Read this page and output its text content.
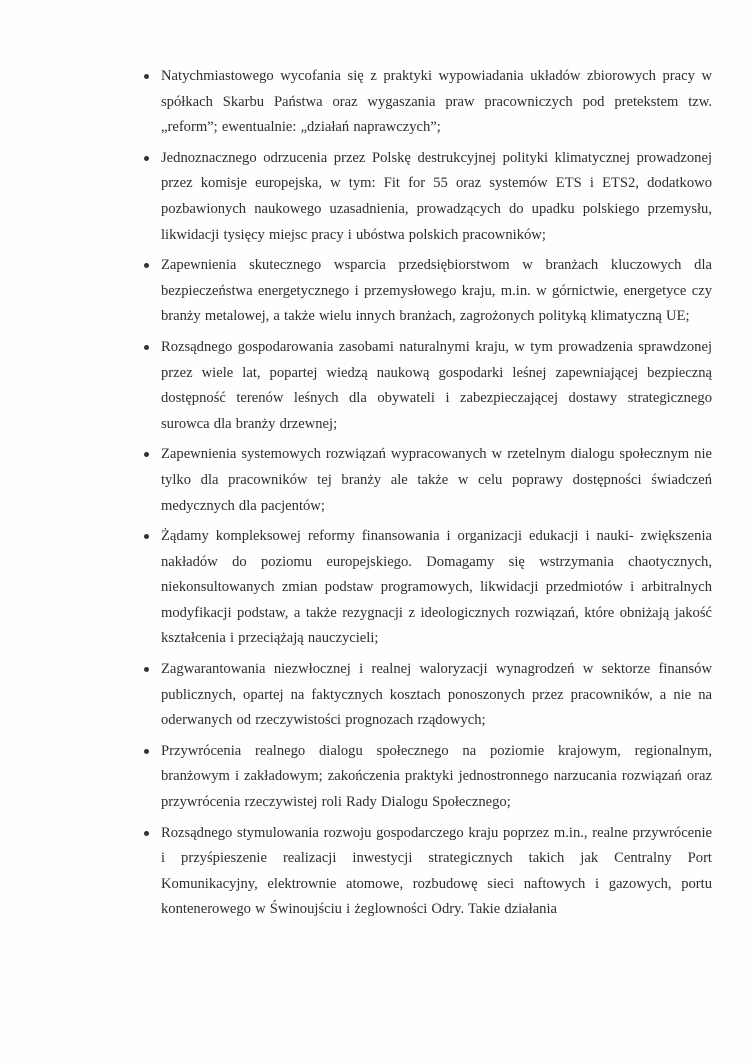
Natychmiastowego wycofania się z praktyki wypowiadania układów zbiorowych pracy w spółkach Skarbu Państwa oraz wygaszania praw pracowniczych pod pretekstem tzw. „reform”; ewentualnie: „działań naprawczych”;
Jednoznacznego odrzucenia przez Polskę destrukcyjnej polityki klimatycznej prowadzonej przez komisje europejska, w tym: Fit for 55 oraz systemów ETS i ETS2, dodatkowo pozbawionych naukowego uzasadnienia, prowadzących do upadku polskiego przemysłu, likwidacji tysięcy miejsc pracy i ubóstwa polskich pracowników;
Zapewnienia skutecznego wsparcia przedsiębiorstwom w branżach kluczowych dla bezpieczeństwa energetycznego i przemysłowego kraju, m.in. w górnictwie, energetyce czy branży metalowej, a także wielu innych branżach, zagrożonych polityką klimatyczną UE;
Rozsądnego gospodarowania zasobami naturalnymi kraju, w tym prowadzenia sprawdzonej przez wiele lat, popartej wiedzą naukową gospodarki leśnej zapewniającej bezpieczną dostępność terenów leśnych dla obywateli i zabezpieczającej dostawy strategicznego surowca dla branży drzewnej;
Zapewnienia systemowych rozwiązań wypracowanych w rzetelnym dialogu społecznym nie tylko dla pracowników tej branży ale także w celu poprawy dostępności świadczeń medycznych dla pacjentów;
Żądamy kompleksowej reformy finansowania i organizacji edukacji i nauki- zwiększenia nakładów do poziomu europejskiego. Domagamy się wstrzymania chaotycznych, niekonsultowanych zmian podstaw programowych, likwidacji przedmiotów i arbitralnych modyfikacji podstaw, a także rezygnacji z ideologicznych rozwiązań, które obniżają jakość kształcenia i przeciążają nauczycieli;
Zagwarantowania niezwłocznej i realnej waloryzacji wynagrodzeń w sektorze finansów publicznych, opartej na faktycznych kosztach ponoszonych przez pracowników, a nie na oderwanych od rzeczywistości prognozach rządowych;
Przywrócenia realnego dialogu społecznego na poziomie krajowym, regionalnym, branżowym i zakładowym; zakończenia praktyki jednostronnego narzucania rozwiązań oraz przywrócenia rzeczywistej roli Rady Dialogu Społecznego;
Rozsądnego stymulowania rozwoju gospodarczego kraju poprzez m.in., realne przywrócenie i przyśpieszenie realizacji inwestycji strategicznych takich jak Centralny Port Komunikacyjny, elektrownie atomowe, rozbudowę sieci naftowych i gazowych, portu kontenerowego w Świnoujściu i żeglowności Odry. Takie działania
